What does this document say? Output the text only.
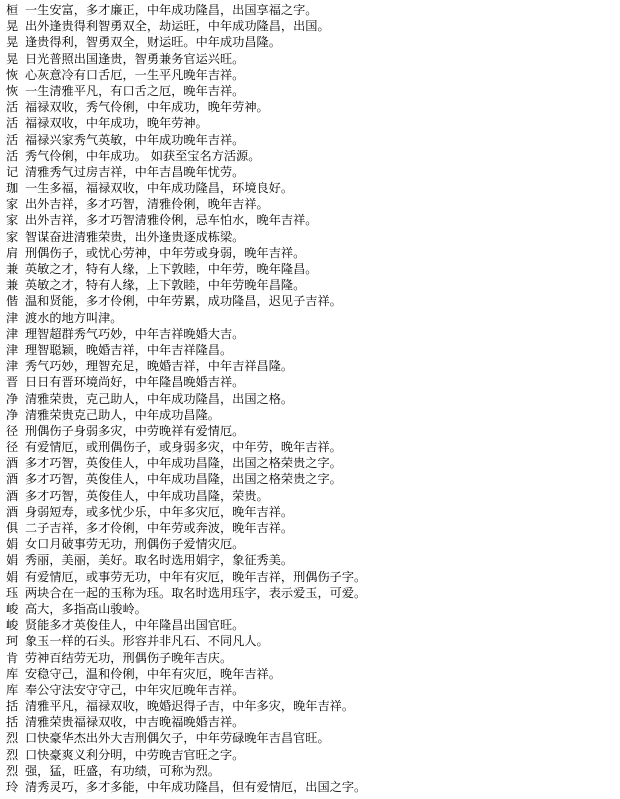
桓 一生安富，多才廉正，中年成功隆昌，出国享福之字。
晃 出外逢贵得利智勇双全，劫运旺，中年成功隆昌，出国。
晃 逢贵得利，智勇双全，财运旺。中年成功昌隆。
晃 日光普照出国逢贵，智勇兼务官运兴旺。
恢 心灰意冷有口舌厄，一生平凡晚年吉祥。
恢 一生清雅平凡，有口舌之厄，晚年吉祥。
活 福禄双收，秀气伶俐，中年成功，晚年劳神。
活 福禄双收，中年成功，晚年劳神。
活 福禄兴家秀气英敏，中年成功晚年吉祥。
活 秀气伶俐，中年成功。 如获至宝名方活源。
记 清雅秀气过房吉祥，中年吉昌晚年忧劳。
珈 一生多福，福禄双收，中年成功隆昌，环境良好。
家 出外吉祥，多才巧智，清雅伶俐，晚年吉祥。
家 出外吉祥，多才巧智清雅伶俐，忌车怕水，晚年吉祥。
家 智谋奋进清雅荣贵，出外逢贵逐成栋梁。
肩 刑偶伤子，或忧心劳神，中年劳或身弱，晚年吉祥。
兼 英敏之才，特有人缘，上下敦睦，中年劳，晚年隆昌。
兼 英敏之才，特有人缘，上下敦睦，中年劳晚年昌隆。
偕 温和贤能，多才伶俐，中年劳累，成功隆昌，迟见子吉祥。
津 渡水的地方叫津。
津 理智超群秀气巧妙，中年吉祥晚婚大吉。
津 理智聪颖，晚婚吉祥，中年吉祥隆昌。
津 秀气巧妙，理智充足，晚婚吉祥，中年吉祥昌隆。
晋 日日有晋环境尚好，中年隆昌晚婚吉祥。
净 清雅荣贵，克己助人，中年成功隆昌，出国之格。
净 清雅荣贵克己助人，中年成功昌隆。
径 刑偶伤子身弱多灾，中劳晚祥有爱情厄。
径 有爱情厄，或刑偶伤子，或身弱多灾，中年劳，晚年吉祥。
酒 多才巧智，英俊佳人，中年成功昌隆，出国之格荣贵之字。
酒 多才巧智，英俊佳人，中年成功昌隆，出国之格荣贵之字。
酒 多才巧智，英俊佳人，中年成功昌隆，荣贵。
酒 身弱短寿，或多忧少乐，中年多灾厄，晚年吉祥。
俱 二子吉祥，多才伶俐，中年劳或奔波，晚年吉祥。
娟 女口月破事劳无功，刑偶伤子爱情灾厄。
娟 秀丽，美丽，美好。取名时选用娟字，象征秀美。
娟 有爱情厄，或事劳无功，中年有灾厄，晚年吉祥，刑偶伤子字。
珏 两块合在一起的玉称为珏。取名时选用珏字，表示爱玉，可爱。
峻 高大，多指高山骏岭。
峻 贤能多才英俊佳人，中年隆昌出国官旺。
珂 象玉一样的石头。形容并非凡石、不同凡人。
肯 劳神百结劳无功，刑偶伤子晚年吉庆。
库 安稳守己，温和伶俐，中年有灾厄，晚年吉祥。
库 奉公守法安守守己，中年灾厄晚年吉祥。
括 清雅平凡，福禄双收，晚婚迟得子吉，中年多灾，晚年吉祥。
括 清雅荣贵福禄双收，中吉晚福晚婚吉祥。
烈 口快豪华杰出外大吉刑偶欠子，中年劳碌晚年吉昌官旺。
烈 口快豪爽义利分明，中劳晚吉官旺之字。
烈 强，猛，旺盛，有功绩，可称为烈。
玲 清秀灵巧，多才多能，中年成功隆昌，但有爱情厄，出国之字。
